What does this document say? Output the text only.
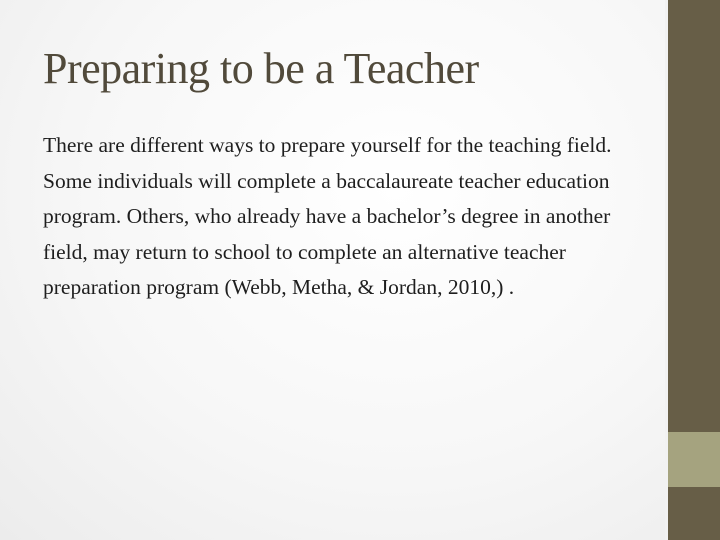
Preparing to be a Teacher

There are different ways to prepare yourself for the teaching field. Some individuals will complete a baccalaureate teacher education program. Others, who already have a bachelor’s degree in another field, may return to school to complete an alternative teacher preparation program (Webb, Metha, & Jordan, 2010,) .
